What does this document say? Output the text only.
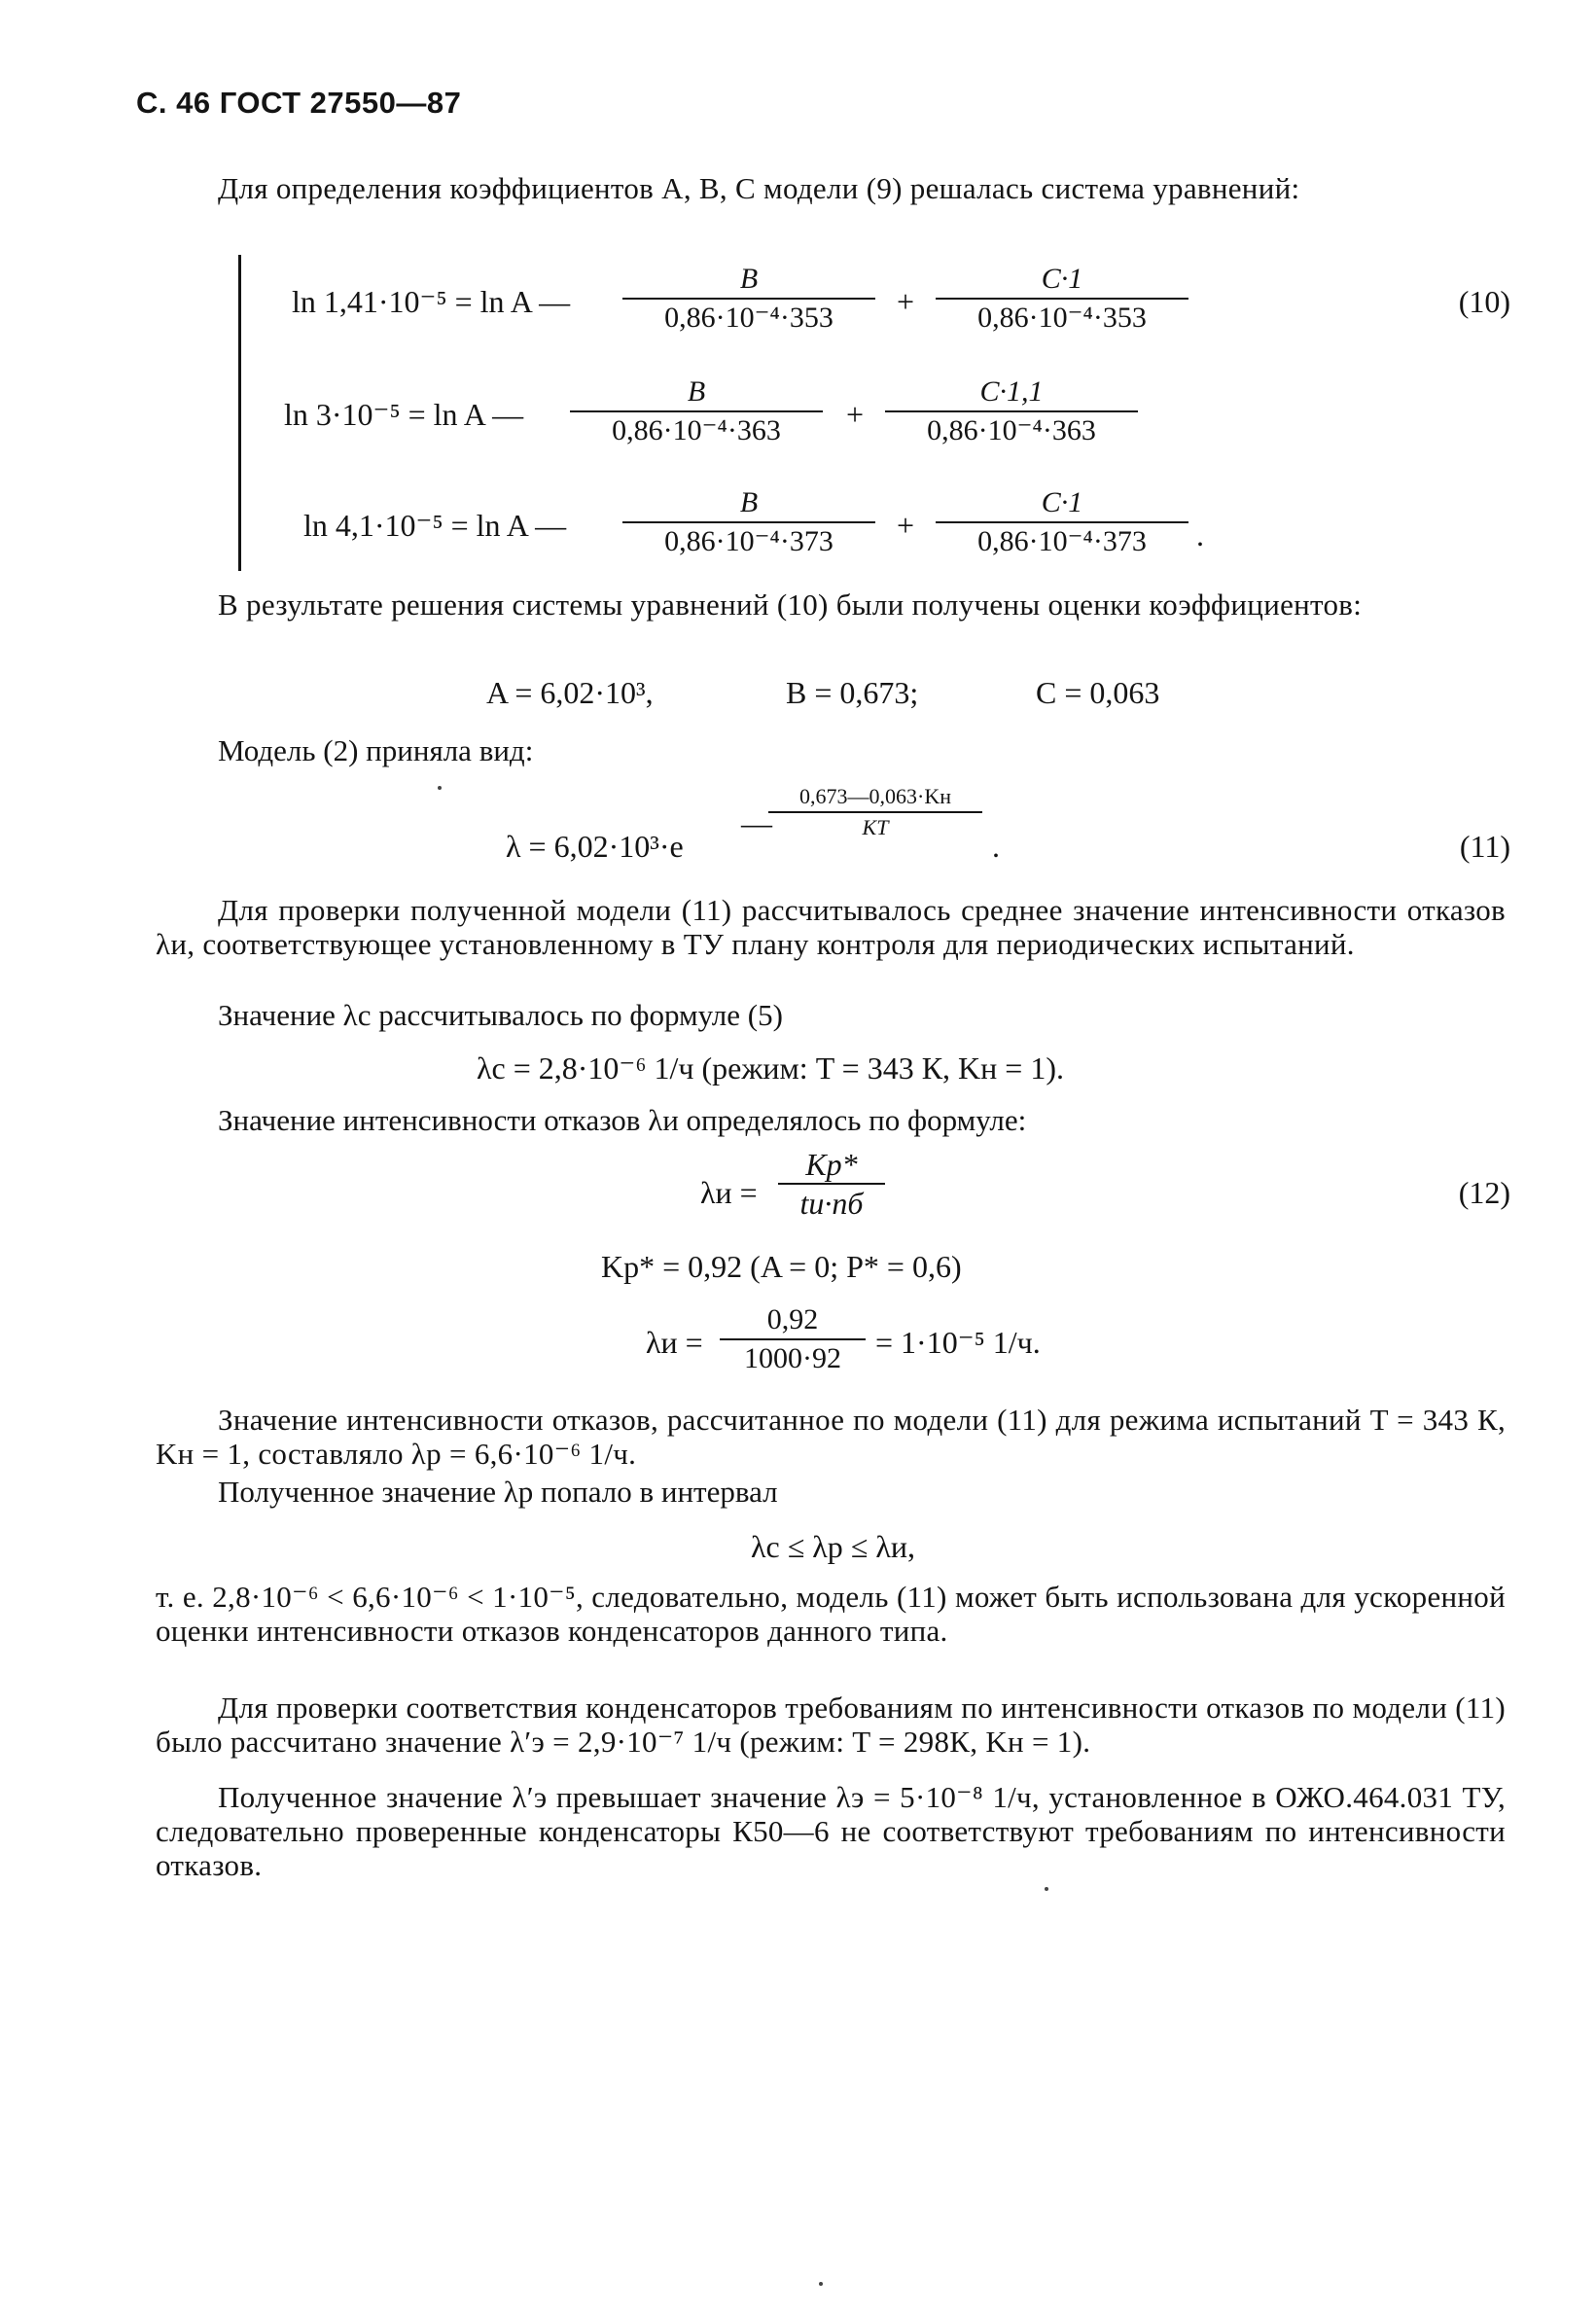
С. 46 ГОСТ 27550—87
Для определения коэффициентов А, В, С модели (9) решалась система уравнений:
ln 1,41·10⁻⁵ = ln A — $\frac{B}{\text{0,86·10⁻⁴·353}} + \frac{C\cdot 1}{\text{0,86·10⁻⁴·353}}$	(10)
ln 3·10⁻⁵ = ln A — $\frac{B}{\text{0,86·10⁻⁴·363}} + \frac{C\cdot 1,1}{\text{0,86·10⁻⁴·363}}$
ln 4,1·10⁻⁵ = ln A — $\frac{B}{\text{0,86·10⁻⁴·373}} + \frac{C\cdot 1}{\text{0,86·10⁻⁴·373}}$ .
В результате решения системы уравнений (10) были получены оценки коэффициентов:
A = 6,02·10³,	B = 0,673;	C = 0,063
Модель (2) приняла вид:
λ = 6,02·10³·e
—
0,673—0,063·Kн
KT
.	(11)
Для проверки полученной модели (11) рассчитывалось среднее значение интенсивности отказов λи, соответствующее установленному в ТУ плану контроля для периодических испытаний.
Значение λс рассчитывалось по формуле (5)
λс = 2,8·10⁻⁶ 1/ч (режим: T = 343 К, Kн = 1).
Значение интенсивности отказов λи определялось по формуле:
λи =
Kр*
tи·nб	(12)
Kр* = 0,92 (A = 0; P* = 0,6)
$\lambda и = \frac{0,92}{1000\cdot 92} = 1\cdot 10^{-5}$ 1/ч.
Значение интенсивности отказов, рассчитанное по модели (11) для режима испытаний T = 343 К, Kн = 1, составляло λр = 6,6·10⁻⁶ 1/ч.
Полученное значение λр попало в интервал
λс ≤ λр ≤ λи,
т. е. 2,8·10⁻⁶ < 6,6·10⁻⁶ < 1·10⁻⁵, следовательно, модель (11) может быть использована для ускоренной оценки интенсивности отказов конденсаторов данного типа.
Для проверки соответствия конденсаторов требованиям по интенсивности отказов по модели (11) было рассчитано значение λ′э = 2,9·10⁻⁷ 1/ч (режим: T = 298К, Kн = 1).
Полученное значение λ′э превышает значение λэ = 5·10⁻⁸ 1/ч, установленное в ОЖО.464.031 ТУ, следовательно проверенные конденсаторы К50—6 не соответствуют требованиям по интенсивности отказов.
